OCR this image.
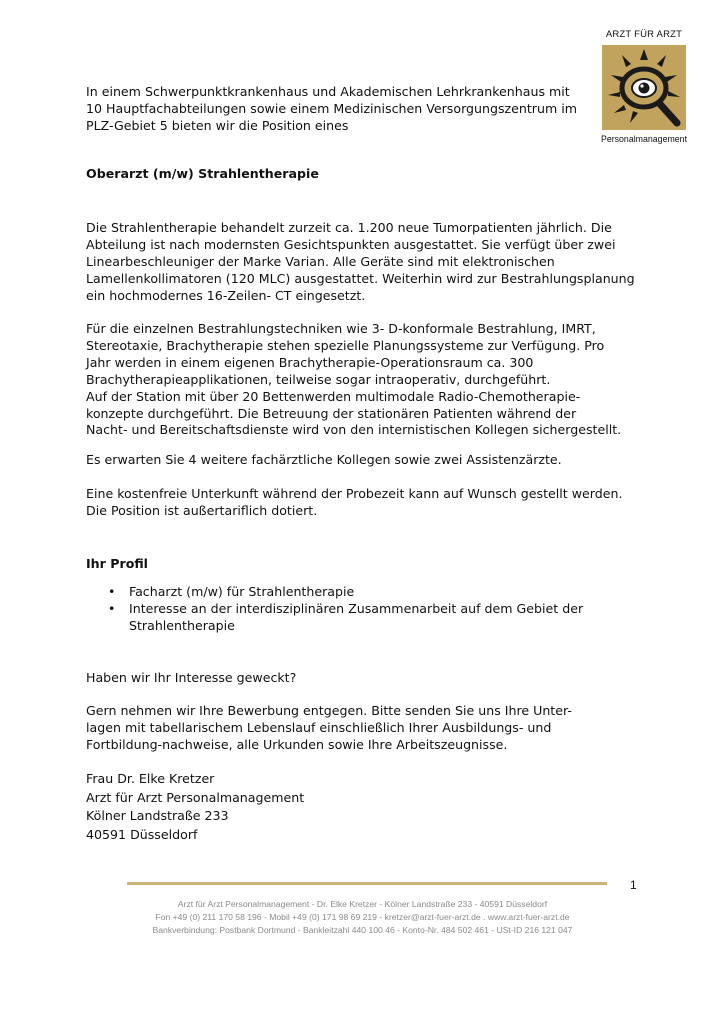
ARZT FÜR ARZT
Personalmanagement
In einem Schwerpunktkrankenhaus und Akademischen Lehrkrankenhaus mit
10 Hauptfachabteilungen sowie einem Medizinischen Versorgungszentrum im
PLZ-Gebiet 5 bieten wir die Position eines
Oberarzt (m/w) Strahlentherapie
Die Strahlentherapie behandelt zurzeit ca. 1.200 neue Tumorpatienten jährlich. Die
Abteilung ist nach modernsten Gesichtspunkten ausgestattet. Sie verfügt über zwei
Linearbeschleuniger der Marke Varian. Alle Geräte sind mit elektronischen
Lamellenkollimatoren (120 MLC) ausgestattet. Weiterhin wird zur Bestrahlungsplanung
ein hochmodernes 16-Zeilen- CT eingesetzt.
Für die einzelnen Bestrahlungstechniken wie 3- D-konformale Bestrahlung, IMRT,
Stereotaxie, Brachytherapie stehen spezielle Planungssysteme zur Verfügung. Pro
Jahr werden in einem eigenen Brachytherapie-Operationsraum ca. 300
Brachytherapieapplikationen, teilweise sogar intraoperativ, durchgeführt.
Auf der Station mit über 20 Bettenwerden multimodale Radio-Chemotherapie-
konzepte durchgeführt. Die Betreuung der stationären Patienten während der
Nacht- und Bereitschaftsdienste wird von den internistischen Kollegen sichergestellt.
Es erwarten Sie 4 weitere fachärztliche Kollegen sowie zwei Assistenzärzte.
Eine kostenfreie Unterkunft während der Probezeit kann auf Wunsch gestellt werden.
Die Position ist außertariflich dotiert.
Ihr Profil
• Facharzt (m/w) für Strahlentherapie
• Interesse an der interdisziplinären Zusammenarbeit auf dem Gebiet der
Strahlentherapie
Haben wir Ihr Interesse geweckt?
Gern nehmen wir Ihre Bewerbung entgegen. Bitte senden Sie uns Ihre Unter-
lagen mit tabellarischem Lebenslauf einschließlich Ihrer Ausbildungs- und
Fortbildung-nachweise, alle Urkunden sowie Ihre Arbeitszeugnisse.
Frau Dr. Elke Kretzer
Arzt für Arzt Personalmanagement
Kölner Landstraße 233
40591 Düsseldorf
1
Arzt für Arzt Personalmanagement - Dr. Elke Kretzer - Kölner Landstraße 233 - 40591 Düsseldorf
Fon +49 (0) 211 170 58 196 - Mobil +49 (0) 171 98 69 219 - kretzer@arzt-fuer-arzt.de . www.arzt-fuer-arzt.de
Bankverbindung: Postbank Dortmund - Bankleitzahl 440 100 46 - Konto-Nr. 484 502 461 - USt-ID 216 121 047
